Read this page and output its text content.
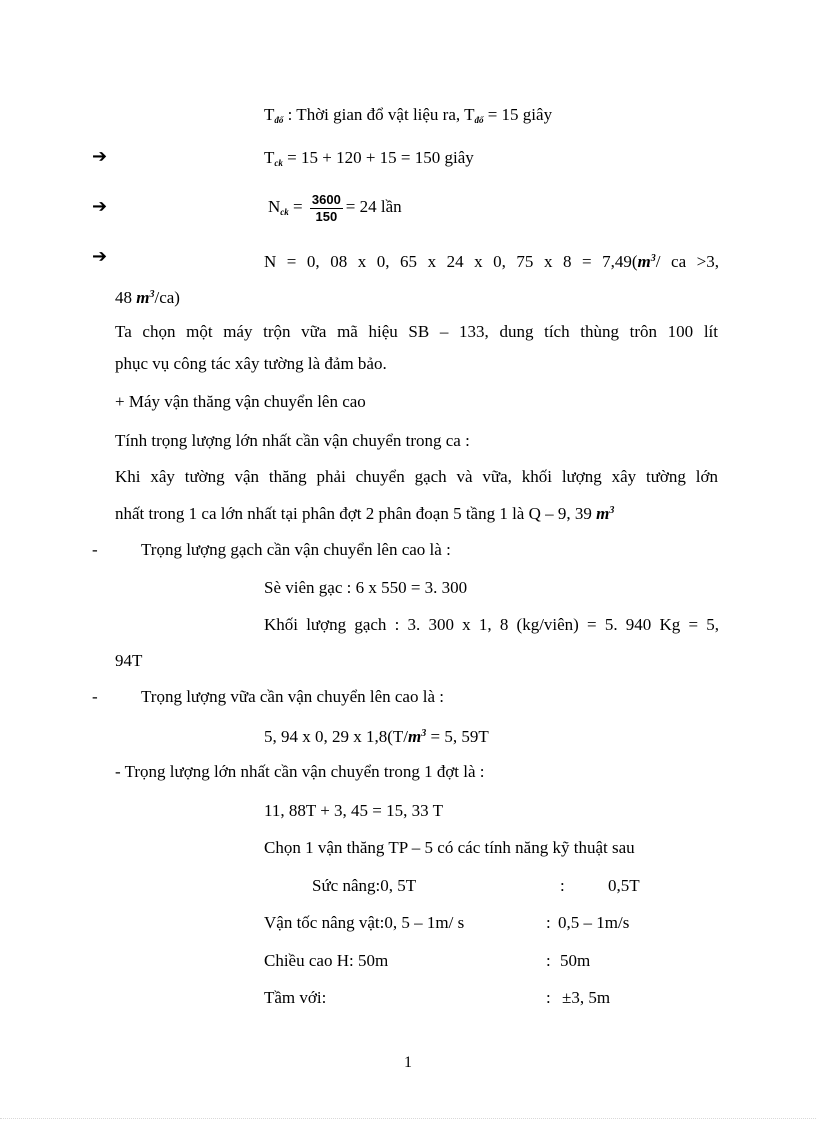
$T_{đổ}$ : Thời gian đổ vật liệu ra, $T_{đổ} = 15$ giây
➔	$T_{ck} = 15 + 120 + 15 = 150$ giây
➔	$N_{ck} = \frac{3600}{150} = 24$ lần
➔	N = 0, 08 x 0, 65 x 24 x 0, 75 x $8 = 7,49(m^3/$ ca >3,
48 $m^3/ca$)
Ta chọn một máy trộn vữa mã hiệu SB – 133, dung tích thùng trôn 100 lít
phục vụ công tác xây tường là đảm bảo.
+ Máy vận thăng vận chuyển lên cao
Tính trọng lượng lớn nhất cần vận chuyển trong ca :
Khi xây tường vận thăng phải chuyển gạch và vữa, khối lượng xây tường lớn
nhất trong 1 ca lớn nhất tại phân đợt 2 phân đoạn 5 tầng 1 là Q – 9, 39 $m^3$
-	Trọng lượng gạch cần vận chuyển lên cao là :
Sè viên gạc : 6 x 550 = 3. 300
Khối lượng gạch : 3. 300 x 1, 8 (kg/viên) = 5. 940 Kg = 5,
94T
-	Trọng lượng vữa cần vận chuyển lên cao là :
5, 94 x 0, 29 x $1,8(T/m^3 = 5$, 59T
- Trọng lượng lớn nhất cần vận chuyển trong 1 đợt là :
11, 88T + 3, 45 = 15, 33 T
Chọn 1 vận thăng TP – 5 có các tính năng kỹ thuật sau
Sức nâng:0, 5T	:	0,5T
Vận tốc nâng vật:0, 5 – 1m/ s	: 0,5 – 1m/s
Chiều cao H: 50m	: 50m
Tầm với:	: ±3, 5m
1
